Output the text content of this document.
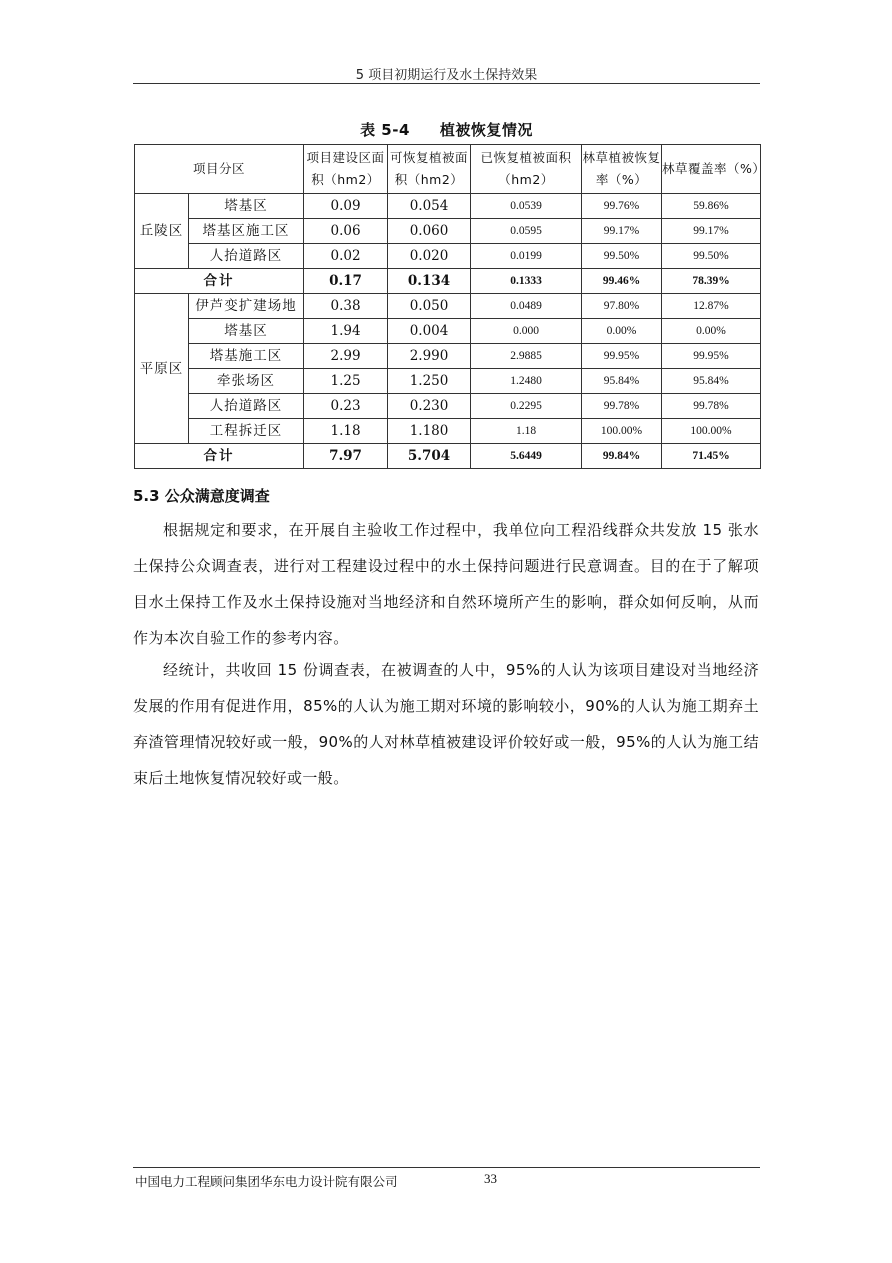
5 项目初期运行及水土保持效果
表 5-4 植被恢复情况
项目分区		项目建设区面积（hm2）	可恢复植被面积（hm2）	已恢复植被面积（hm2）	林草植被恢复率（%）	林草覆盖率（%）
丘陵区	塔基区	0.09	0.054	0.0539	99.76%	59.86%
	塔基区施工区	0.06	0.060	0.0595	99.17%	99.17%
	人抬道路区	0.02	0.020	0.0199	99.50%	99.50%
合计		0.17	0.134	0.1333	99.46%	78.39%
平原区	伊芦变扩建场地	0.38	0.050	0.0489	97.80%	12.87%
	塔基区	1.94	0.004	0.000	0.00%	0.00%
	塔基施工区	2.99	2.990	2.9885	99.95%	99.95%
	牵张场区	1.25	1.250	1.2480	95.84%	95.84%
	人抬道路区	0.23	0.230	0.2295	99.78%	99.78%
	工程拆迁区	1.18	1.180	1.18	100.00%	100.00%
合计		7.97	5.704	5.6449	99.84%	71.45%
5.3 公众满意度调查
根据规定和要求，在开展自主验收工作过程中，我单位向工程沿线群众共发放 15 张水土保持公众调查表，进行对工程建设过程中的水土保持问题进行民意调查。目的在于了解项目水土保持工作及水土保持设施对当地经济和自然环境所产生的影响，群众如何反响，从而作为本次自验工作的参考内容。
经统计，共收回 15 份调查表，在被调查的人中，95%的人认为该项目建设对当地经济发展的作用有促进作用，85%的人认为施工期对环境的影响较小，90%的人认为施工期弃土弃渣管理情况较好或一般，90%的人对林草植被建设评价较好或一般，95%的人认为施工结束后土地恢复情况较好或一般。
中国电力工程顾问集团华东电力设计院有限公司	33
